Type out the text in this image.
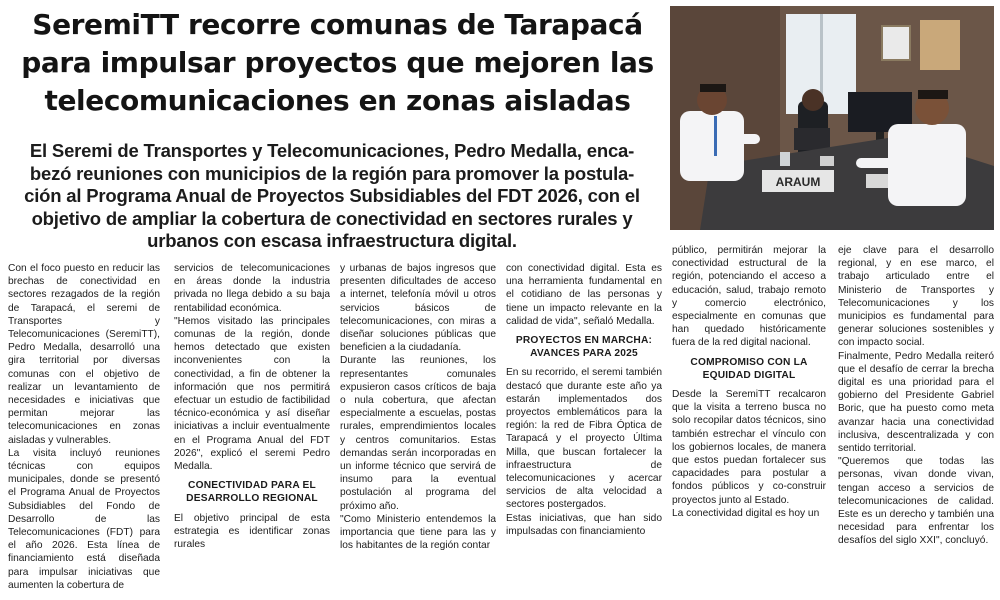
SeremiTT recorre comunas de Tarapacá
para impulsar proyectos que mejoren las
telecomunicaciones en zonas aisladas
El Seremi de Transportes y Telecomunicaciones, Pedro Medalla, enca-
bezó reuniones con municipios de la región para promover la postula-
ción al Programa Anual de Proyectos Subsidiables del FDT 2026, con el
objetivo de ampliar la cobertura de conectividad en sectores rurales y
urbanos con escasa infraestructura digital.
ARAUM

Con el foco puesto en reducir las brechas de conectividad en sectores rezagados de la región de Tarapacá, el seremi de Transportes y Telecomunicaciones (SeremiTT), Pedro Medalla, desarrolló una gira territorial por diversas comunas con el objetivo de realizar un levantamiento de necesidades e iniciativas que permitan mejorar las telecomunicaciones en zonas aisladas y vulnerables.

La visita incluyó reuniones técnicas con equipos municipales, donde se presentó el Programa Anual de Proyectos Subsidiables del Fondo de Desarrollo de las Telecomunicaciones (FDT) para el año 2026. Esta línea de financiamiento está diseñada para impulsar iniciativas que aumenten la cobertura de

servicios de telecomunicaciones en áreas donde la industria privada no llega debido a su baja rentabilidad económica.

"Hemos visitado las principales comunas de la región, donde hemos detectado que existen inconvenientes con la conectividad, a fin de obtener la información que nos permitirá efectuar un estudio de factibilidad técnico-económica y así diseñar iniciativas a incluir eventualmente en el Programa Anual del FDT 2026", explicó el seremi Pedro Medalla.

CONECTIVIDAD PARA EL DESARROLLO REGIONAL

El objetivo principal de esta estrategia es identificar zonas rurales

y urbanas de bajos ingresos que presenten dificultades de acceso a internet, telefonía móvil u otros servicios básicos de telecomunicaciones, con miras a diseñar soluciones públicas que beneficien a la ciudadanía.

Durante las reuniones, los representantes comunales expusieron casos críticos de baja o nula cobertura, que afectan especialmente a escuelas, postas rurales, emprendimientos locales y centros comunitarios. Estas demandas serán incorporadas en un informe técnico que servirá de insumo para la eventual postulación al programa del próximo año.

"Como Ministerio entendemos la importancia que tiene para las y los habitantes de la región contar

con conectividad digital. Esta es una herramienta fundamental en el cotidiano de las personas y tiene un impacto relevante en la calidad de vida", señaló Medalla.

PROYECTOS EN MARCHA: AVANCES PARA 2025

En su recorrido, el seremi también destacó que durante este año ya estarán implementados dos proyectos emblemáticos para la región: la red de Fibra Óptica de Tarapacá y el proyecto Última Milla, que buscan fortalecer la infraestructura de telecomunicaciones y acercar servicios de alta velocidad a sectores postergados.

Estas iniciativas, que han sido impulsadas con financiamiento

público, permitirán mejorar la conectividad estructural de la región, potenciando el acceso a educación, salud, trabajo remoto y comercio electrónico, especialmente en comunas que han quedado históricamente fuera de la red digital nacional.

COMPROMISO CON LA EQUIDAD DIGITAL

Desde la SeremiTT recalcaron que la visita a terreno busca no solo recopilar datos técnicos, sino también estrechar el vínculo con los gobiernos locales, de manera que estos puedan fortalecer sus capacidades para postular a fondos públicos y co-construir proyectos junto al Estado.

La conectividad digital es hoy un

eje clave para el desarrollo regional, y en ese marco, el trabajo articulado entre el Ministerio de Transportes y Telecomunicaciones y los municipios es fundamental para generar soluciones sostenibles y con impacto social.

Finalmente, Pedro Medalla reiteró que el desafío de cerrar la brecha digital es una prioridad para el gobierno del Presidente Gabriel Boric, que ha puesto como meta avanzar hacia una conectividad inclusiva, descentralizada y con sentido territorial.

"Queremos que todas las personas, vivan donde vivan, tengan acceso a servicios de telecomunicaciones de calidad. Este es un derecho y también una necesidad para enfrentar los desafíos del siglo XXI", concluyó.
